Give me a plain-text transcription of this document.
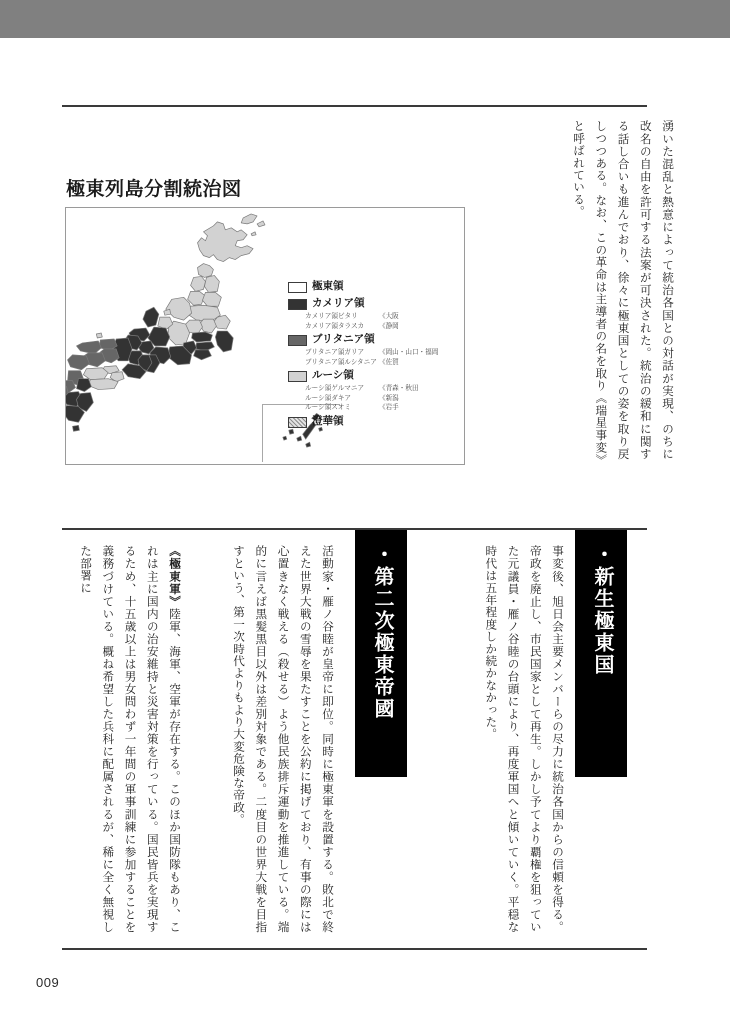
極東列島分割統治図
極東領
カメリア領
カメリア領ビタリ	《大阪
カメリア領タラスカ	《静岡
ブリタニア領
ブリタニア領ガリア	《岡山・山口・福岡
ブリタニア領ルシタニア 《佐賀
ルーシ領
ルーシ領ゲルマニア	《青森・秋田
ルーシ領ダキア	《新潟
ルーシ領スオミ	《岩手
澄華領	湧いた混乱と熱意によって統治各国との対話が実現、のちに改名の自由を許可する法案が可決された。統治の緩和に関する話し合いも進んでおり、徐々に極東国としての姿を取り戻しつつある。なお、この革命は主導者の名を取り《瑞星事変》と呼ばれている。
・新生極東国
・第二次極東帝國	事変後、旭日会主要メンバーらの尽力に統治各国からの信頼を得る。帝政を廃止し、市民国家として再生。しかし予てより覇権を狙っていた元議員・雁ノ谷睦の台頭により、再度軍国へと傾いていく。平穏な時代は五年程度しか続かなかった。
活動家・雁ノ谷睦が皇帝に即位。同時に極東軍を設置する。敗北で終えた世界大戦の雪辱を果たすことを公約に掲げており、有事の際には心置きなく戦える（殺せる）よう他民族排斥運動を推進している。端的に言えば黒髪黒目以外は差別対象である。二度目の世界大戦を目指すという、第一次時代よりもより大変危険な帝政。
《極東軍》陸軍、海軍、空軍が存在する。このほか国防隊もあり、これは主に国内の治安維持と災害対策を行っている。国民皆兵を実現するため、十五歳以上は男女問わず一年間の軍事訓練に参加することを義務づけている。概ね希望した兵科に配属されるが、稀に全く無視した部署に
009
